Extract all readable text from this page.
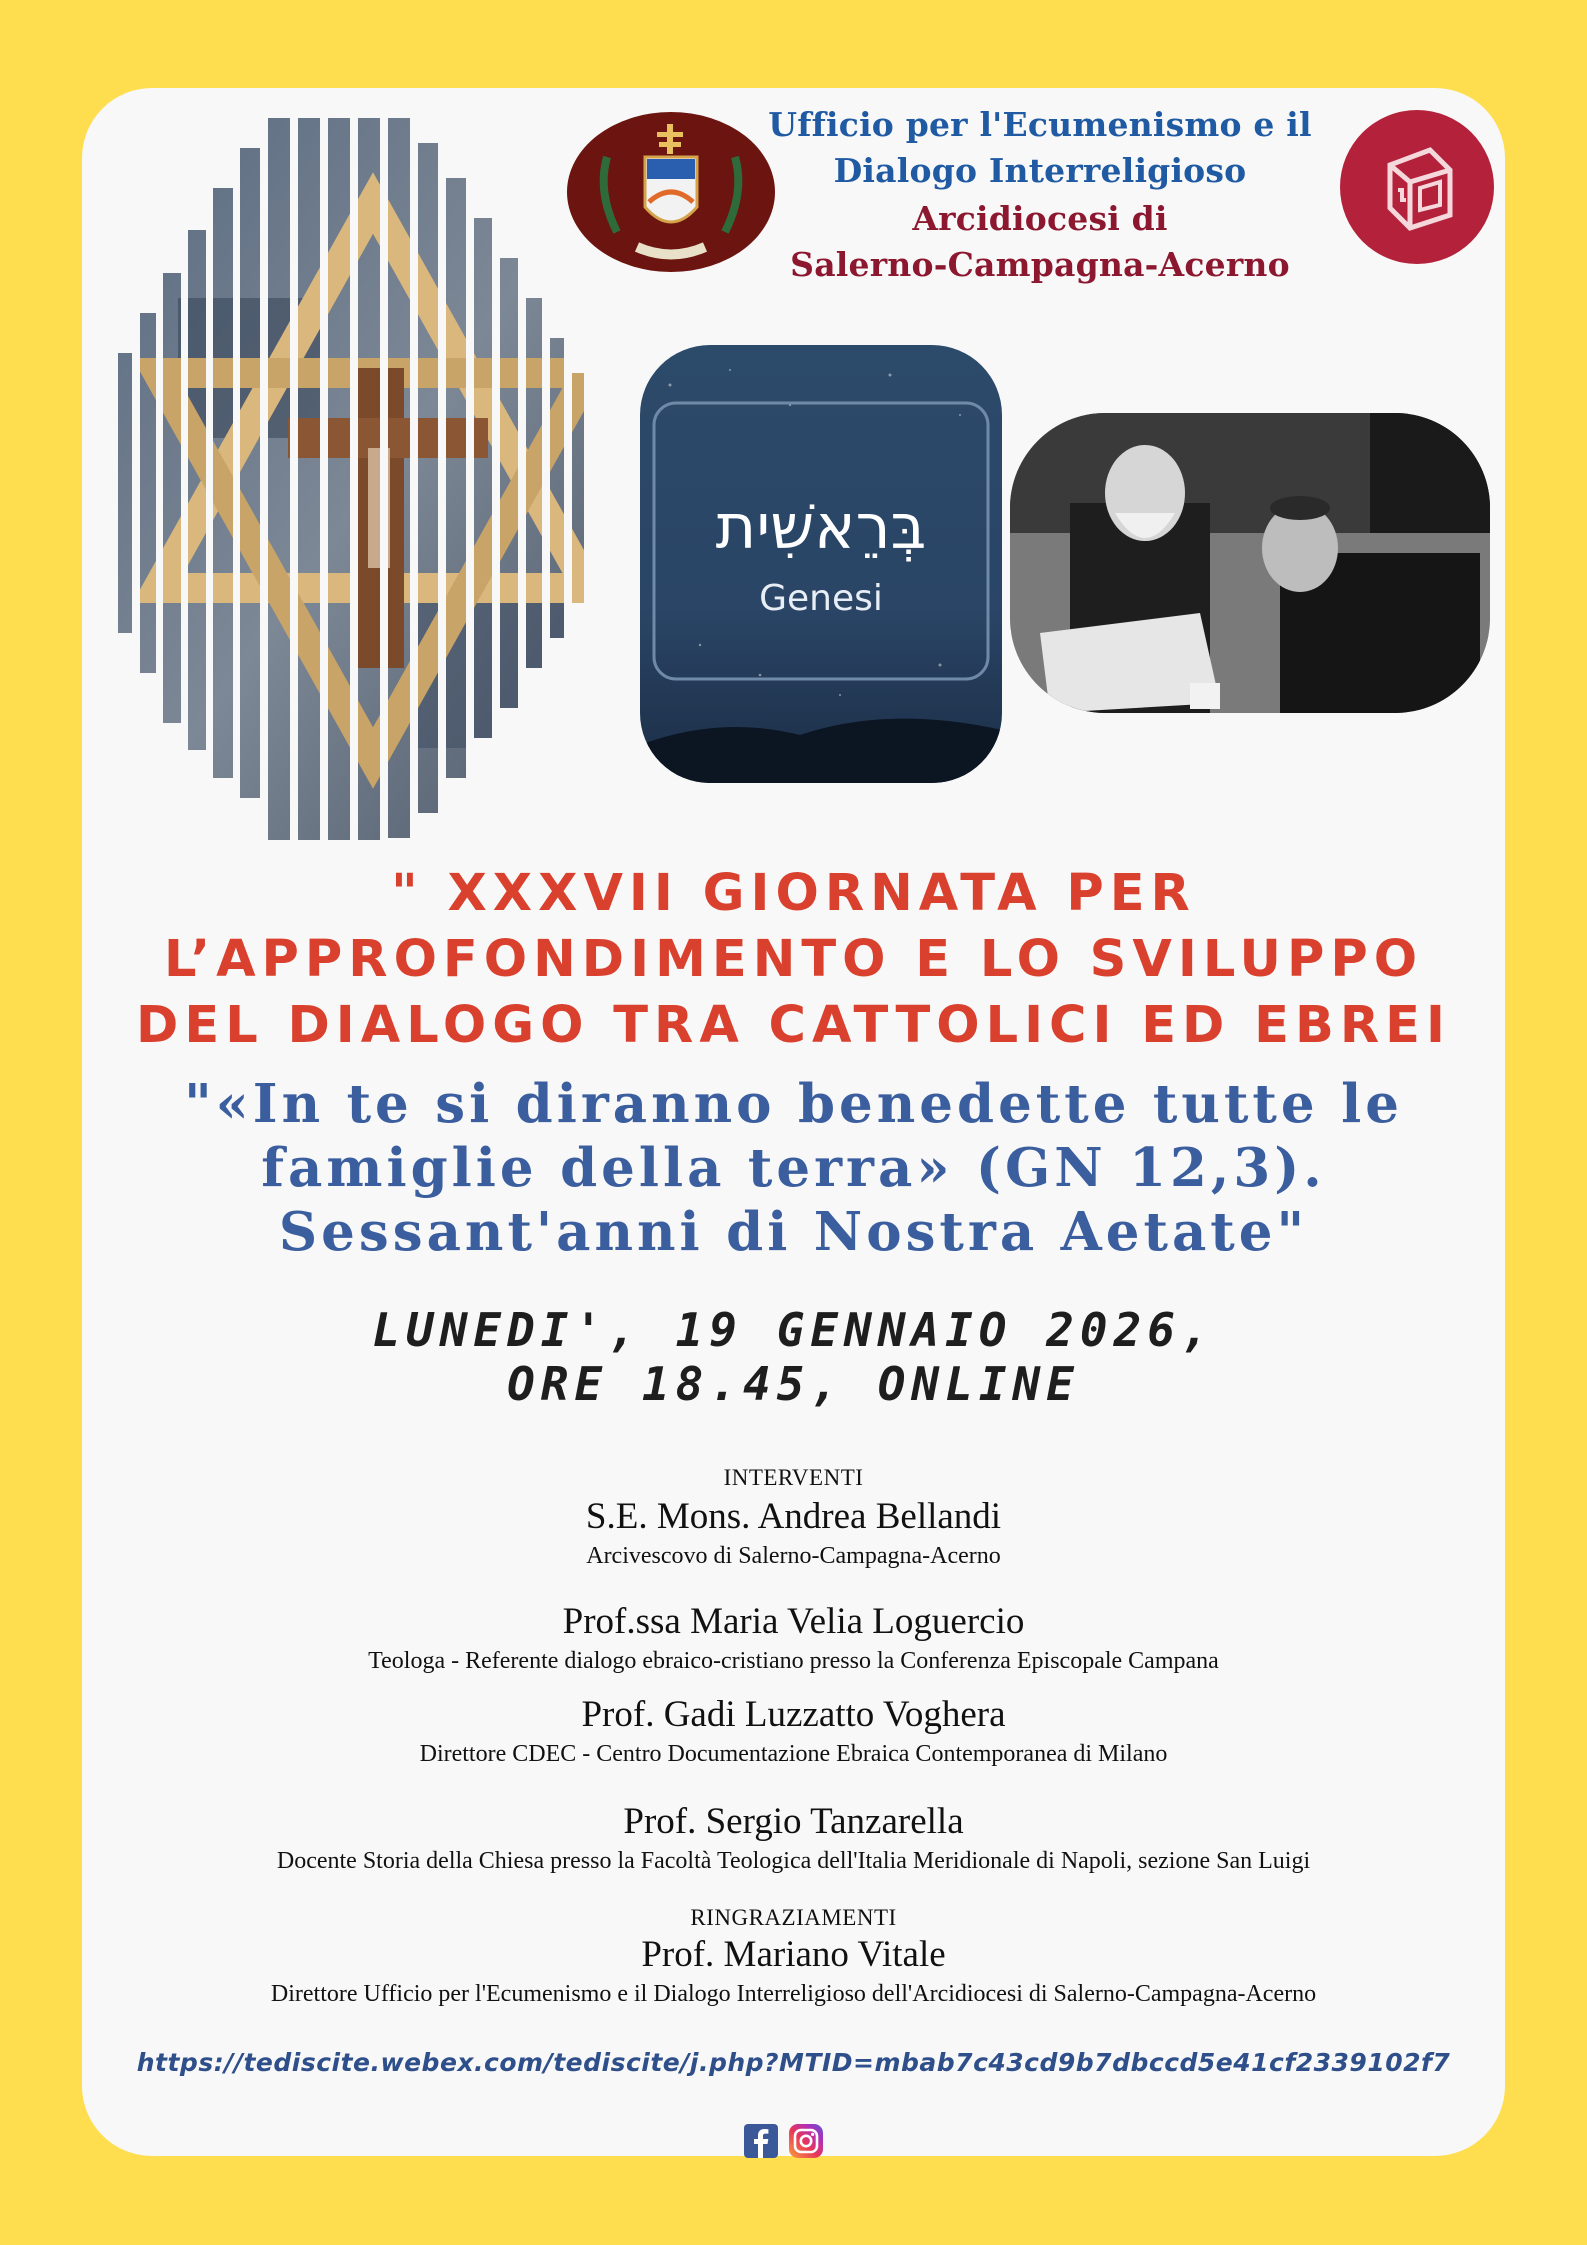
Ufficio per l'Ecumenismo e il
Dialogo Interreligioso
Arcidiocesi di
Salerno-Campagna-Acerno
בְּרֵאשִׁית
Genesi
" XXXVII GIORNATA PER
L’APPROFONDIMENTO E LO SVILUPPO
DEL DIALOGO TRA CATTOLICI ED EBREI
"«In te si diranno benedette tutte le
famiglie della terra» (GN 12,3).
Sessant'anni di Nostra Aetate"
LUNEDI', 19 GENNAIO 2026,
ORE 18.45, ONLINE
INTERVENTI
S.E. Mons. Andrea Bellandi
Arcivescovo di Salerno-Campagna-Acerno
Prof.ssa Maria Velia Loguercio
Teologa - Referente dialogo ebraico-cristiano presso la Conferenza Episcopale Campana
Prof. Gadi Luzzatto Voghera
Direttore CDEC - Centro Documentazione Ebraica Contemporanea di Milano
Prof. Sergio Tanzarella
Docente Storia della Chiesa presso la Facoltà Teologica dell'Italia Meridionale di Napoli, sezione San Luigi
RINGRAZIAMENTI
Prof. Mariano Vitale
Direttore Ufficio per l'Ecumenismo e il Dialogo Interreligioso dell'Arcidiocesi di Salerno-Campagna-Acerno
https://tediscite.webex.com/tediscite/j.php?MTID=mbab7c43cd9b7dbccd5e41cf2339102f7
